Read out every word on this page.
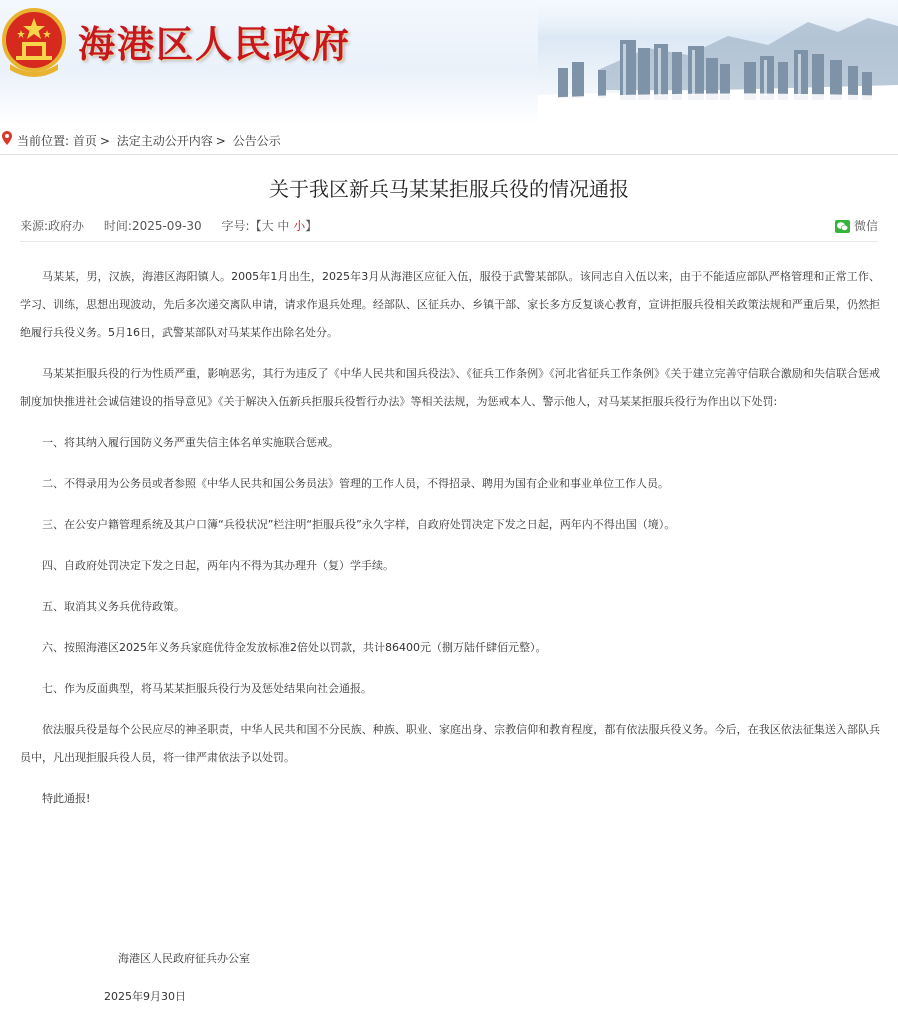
海港区人民政府
当前位置: 首页 > 法定主动公开内容 > 公告公示
关于我区新兵马某某拒服兵役的情况通报
来源:政府办 时间:2025-09-30 字号:【大 中 小】	微信

马某某，男，汉族，海港区海阳镇人。2005年1月出生，2025年3月从海港区应征入伍，服役于武警某部队。该同志自入伍以来，由于不能适应部队严格管理和正常工作、学习、训练，思想出现波动，先后多次递交离队申请，请求作退兵处理。经部队、区征兵办、乡镇干部、家长多方反复谈心教育，宣讲拒服兵役相关政策法规和严重后果，仍然拒绝履行兵役义务。5月16日，武警某部队对马某某作出除名处分。

马某某拒服兵役的行为性质严重，影响恶劣，其行为违反了《中华人民共和国兵役法》、《征兵工作条例》《河北省征兵工作条例》《关于建立完善守信联合激励和失信联合惩戒制度加快推进社会诚信建设的指导意见》《关于解决入伍新兵拒服兵役暂行办法》等相关法规，为惩戒本人、警示他人，对马某某拒服兵役行为作出以下处罚:

一、将其纳入履行国防义务严重失信主体名单实施联合惩戒。

二、不得录用为公务员或者参照《中华人民共和国公务员法》管理的工作人员，不得招录、聘用为国有企业和事业单位工作人员。

三、在公安户籍管理系统及其户口簿“兵役状况”栏注明“拒服兵役”永久字样，自政府处罚决定下发之日起，两年内不得出国（境）。

四、自政府处罚决定下发之日起，两年内不得为其办理升（复）学手续。

五、取消其义务兵优待政策。

六、按照海港区2025年义务兵家庭优待金发放标准2倍处以罚款，共计86400元（捌万陆仟肆佰元整）。

七、作为反面典型，将马某某拒服兵役行为及惩处结果向社会通报。

依法服兵役是每个公民应尽的神圣职责，中华人民共和国不分民族、种族、职业、家庭出身、宗教信仰和教育程度，都有依法服兵役义务。今后，在我区依法征集送入部队兵员中，凡出现拒服兵役人员，将一律严肃依法予以处罚。

特此通报!

海港区人民政府征兵办公室
2025年9月30日
